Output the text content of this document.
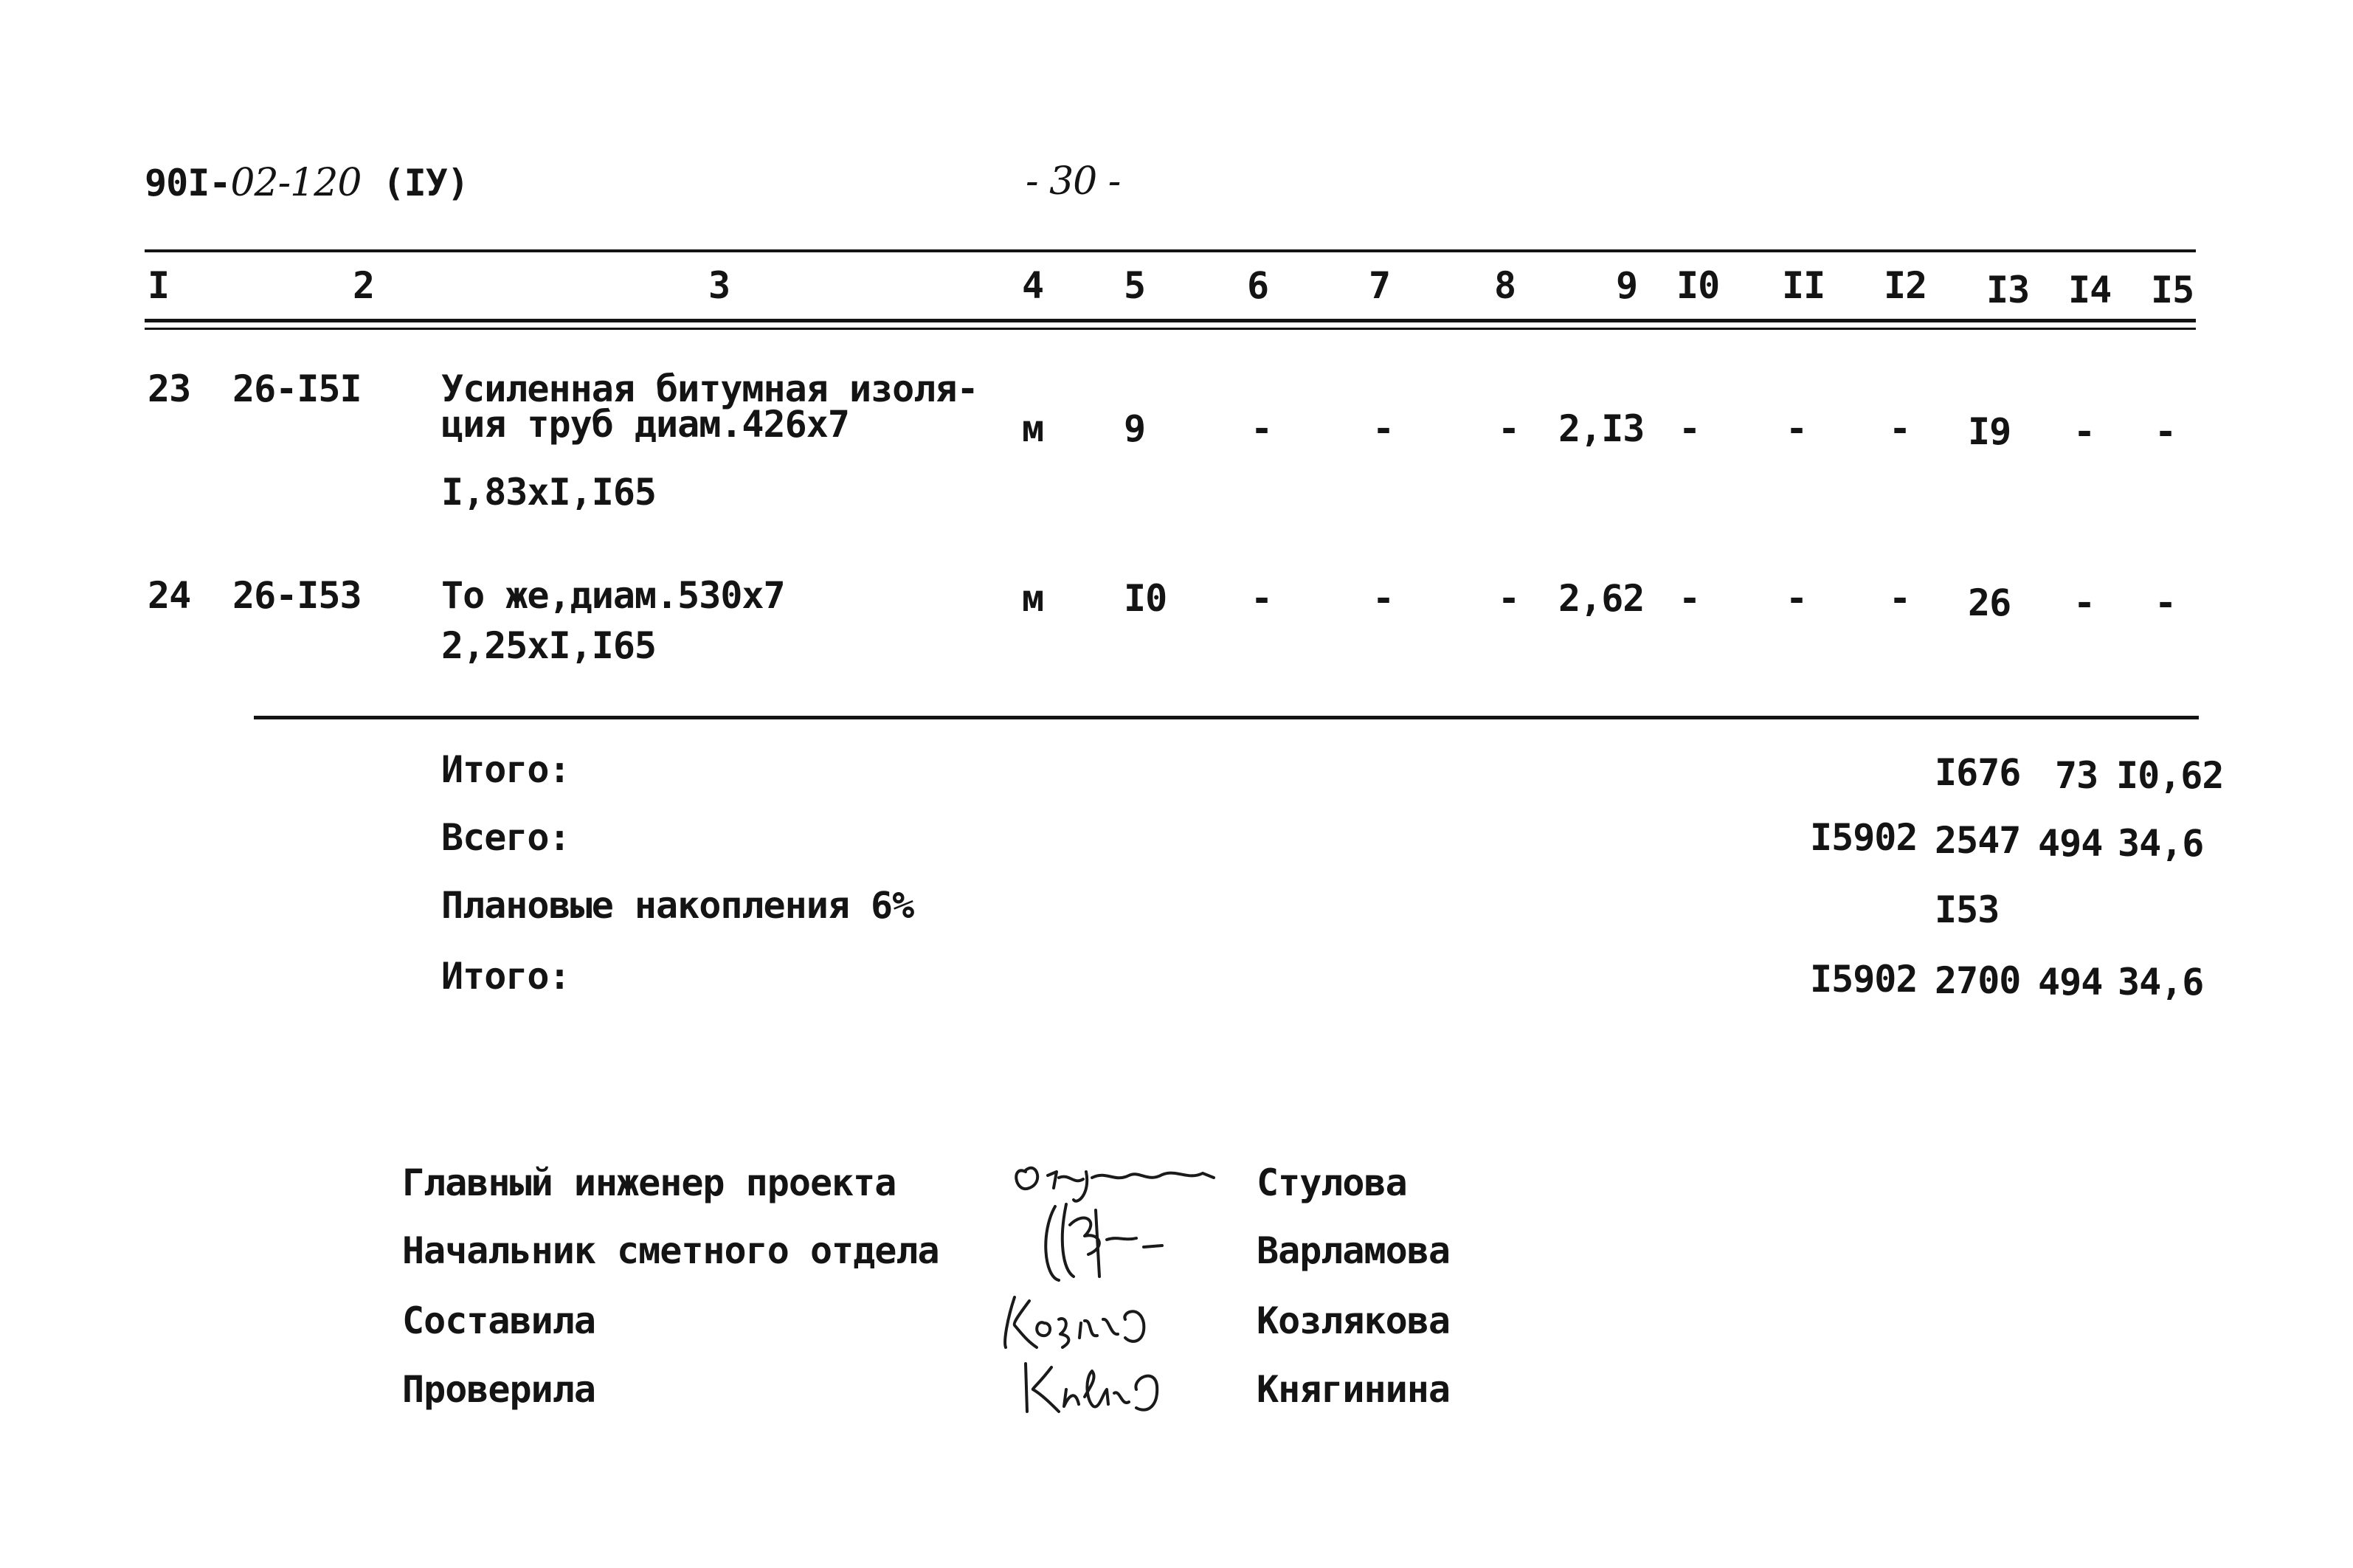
90I-02-120 (IУ)	- 30 -
I	2	3	4 5	6	7	8	9 I0 II I2 I3 I4 I5
23 26-I5I Усиленная битумная изоля-
ция труб диам.426х7
I,83хI,I65
м 9	-	-	- 2,I3 - - - I9 - -
24 26-I53 То же,диам.530х7
2,25хI,I65
м I0 -	-	- 2,62 - - - 26 - -
Итого:	I676 73 I0,62
Всего:	I5902 2547 494 34,6
Плановые накопления 6%	I53
Итого:	I5902 2700 494 34,6
Главный инженер проекта	Стулова
Начальник сметного отдела	Варламова
Составила	Козлякова
Проверила	Княгинина
